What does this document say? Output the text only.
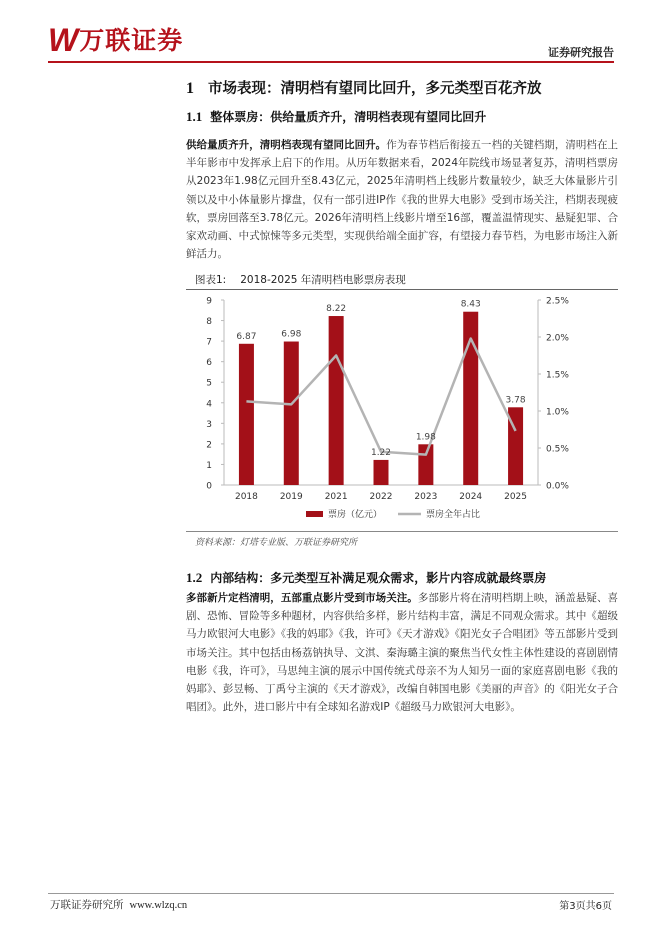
W 万联证券	证券研究报告
1 市场表现：清明档有望同比回升，多元类型百花齐放
1.1 整体票房：供给量质齐升，清明档表现有望同比回升
供给量质齐升，清明档表现有望同比回升。作为春节档后衔接五一档的关键档期，清明档在上半年影市中发挥承上启下的作用。从历年数据来看，2024年院线市场显著复苏，清明档票房从2023年1.98亿元回升至8.43亿元，2025年清明档上线影片数量较少，缺乏大体量影片引领以及中小体量影片撑盘，仅有一部引进IP作《我的世界大电影》受到市场关注，档期表现疲软，票房回落至3.78亿元。2026年清明档上线影片增至16部，覆盖温情现实、悬疑犯罪、合家欢动画、中式惊悚等多元类型，实现供给端全面扩容，有望接力春节档，为电影市场注入新鲜活力。
图表1: 2018-2025 年清明档电影票房表现
0
1
2
3
4
5
6
7
8
9
0.0%
0.5%
1.0%
1.5%
2.0%
2.5%
6.87	6.98
8.22
1.22
1.98
8.43
3.78
2018 2019 2021 2022 2023 2024 2025
票房（亿元）	票房全年占比
资料来源：灯塔专业版、万联证券研究所
1.2 内部结构：多元类型互补满足观众需求，影片内容成就最终票房
多部新片定档清明，五部重点影片受到市场关注。多部影片将在清明档期上映，涵盖悬疑、喜剧、恐怖、冒险等多种题材，内容供给多样，影片结构丰富，满足不同观众需求。其中《超级马力欧银河大电影》《我的妈耶》《我，许可》《天才游戏》《阳光女子合唱团》等五部影片受到市场关注。其中包括由杨荔钠执导、文淇、秦海璐主演的聚焦当代女性主体性建设的喜剧剧情电影《我，许可》，马思纯主演的展示中国传统式母亲不为人知另一面的家庭喜剧电影《我的妈耶》、彭昱畅、丁禹兮主演的《天才游戏》，改编自韩国电影《美丽的声音》的《阳光女子合唱团》。此外，进口影片中有全球知名游戏IP《超级马力欧银河大电影》。
万联证券研究所 www.wlzq.cn	第3页共6页
